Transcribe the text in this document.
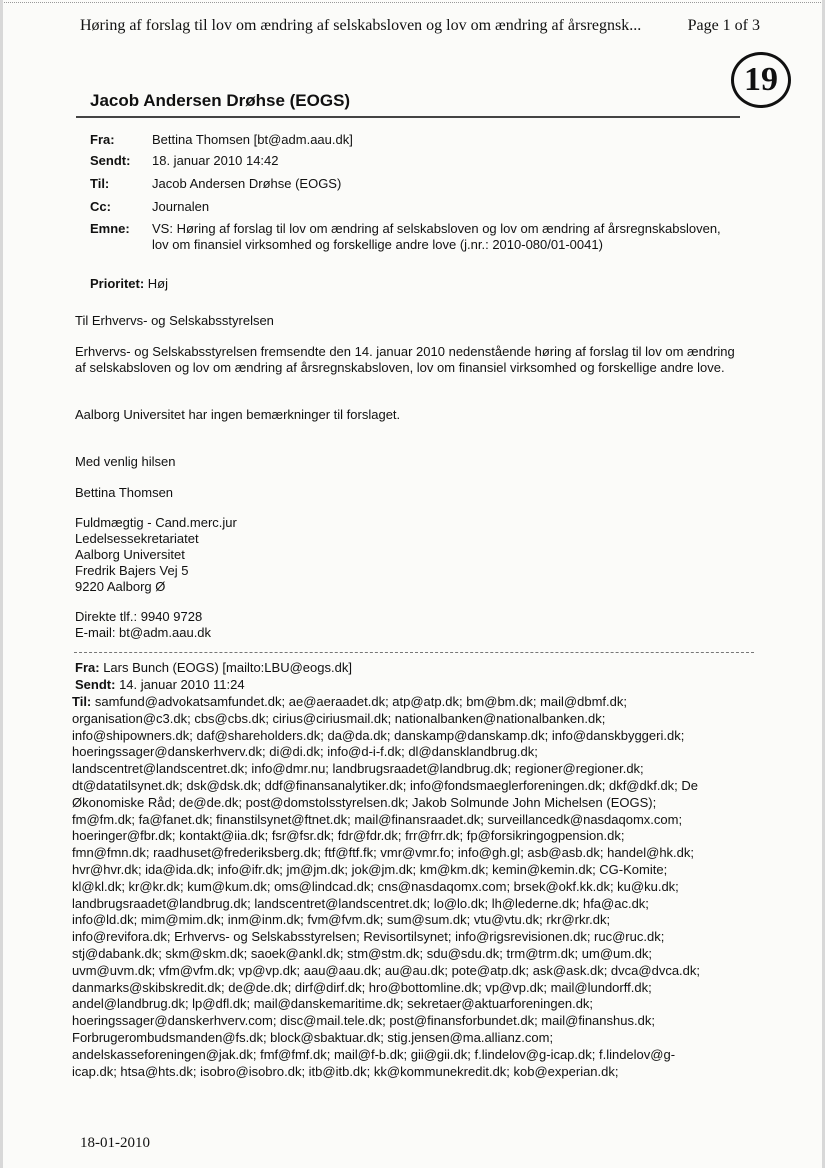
Høring af forslag til lov om ændring af selskabsloven og lov om ændring af årsregnsk...	Page 1 of 3
19
Jacob Andersen Drøhse (EOGS)
Fra:	Bettina Thomsen [bt@adm.aau.dk]
Sendt:	18. januar 2010 14:42
Til:	Jacob Andersen Drøhse (EOGS)
Cc:	Journalen
Emne:	VS: Høring af forslag til lov om ændring af selskabsloven og lov om ændring af årsregnskabsloven, lov om finansiel virksomhed og forskellige andre love (j.nr.: 2010-080/01-0041)
Prioritet: Høj
Til Erhvervs- og Selskabsstyrelsen
Erhvervs- og Selskabsstyrelsen fremsendte den 14. januar 2010 nedenstående høring af forslag til lov om ændring af selskabsloven og lov om ændring af årsregnskabsloven, lov om finansiel virksomhed og forskellige andre love.
Aalborg Universitet har ingen bemærkninger til forslaget.
Med venlig hilsen
Bettina Thomsen
Fuldmægtig - Cand.merc.jur
Ledelsessekretariatet
Aalborg Universitet
Fredrik Bajers Vej 5
9220 Aalborg Ø
Direkte tlf.: 9940 9728
E-mail: bt@adm.aau.dk
Fra: Lars Bunch (EOGS) [mailto:LBU@eogs.dk]
Sendt: 14. januar 2010 11:24
Til: samfund@advokatsamfundet.dk; ae@aeraadet.dk; atp@atp.dk; bm@bm.dk; mail@dbmf.dk;
organisation@c3.dk; cbs@cbs.dk; cirius@ciriusmail.dk; nationalbanken@nationalbanken.dk;
info@shipowners.dk; daf@shareholders.dk; da@da.dk; danskamp@danskamp.dk; info@danskbyggeri.dk;
hoeringssager@danskerhverv.dk; di@di.dk; info@d-i-f.dk; dl@dansklandbrug.dk;
landscentret@landscentret.dk; info@dmr.nu; landbrugsraadet@landbrug.dk; regioner@regioner.dk;
dt@datatilsynet.dk; dsk@dsk.dk; ddf@finansanalytiker.dk; info@fondsmaeglerforeningen.dk; dkf@dkf.dk; De
Økonomiske Råd; de@de.dk; post@domstolsstyrelsen.dk; Jakob Solmunde John Michelsen (EOGS);
fm@fm.dk; fa@fanet.dk; finanstilsynet@ftnet.dk; mail@finansraadet.dk; surveillancedk@nasdaqomx.com;
hoeringer@fbr.dk; kontakt@iia.dk; fsr@fsr.dk; fdr@fdr.dk; frr@frr.dk; fp@forsikringogpension.dk;
fmn@fmn.dk; raadhuset@frederiksberg.dk; ftf@ftf.fk; vmr@vmr.fo; info@gh.gl; asb@asb.dk; handel@hk.dk;
hvr@hvr.dk; ida@ida.dk; info@ifr.dk; jm@jm.dk; jok@jm.dk; km@km.dk; kemin@kemin.dk; CG-Komite;
kl@kl.dk; kr@kr.dk; kum@kum.dk; oms@lindcad.dk; cns@nasdaqomx.com; brsek@okf.kk.dk; ku@ku.dk;
landbrugsraadet@landbrug.dk; landscentret@landscentret.dk; lo@lo.dk; lh@lederne.dk; hfa@ac.dk;
info@ld.dk; mim@mim.dk; inm@inm.dk; fvm@fvm.dk; sum@sum.dk; vtu@vtu.dk; rkr@rkr.dk;
info@revifora.dk; Erhvervs- og Selskabsstyrelsen; Revisortilsynet; info@rigsrevisionen.dk; ruc@ruc.dk;
stj@dabank.dk; skm@skm.dk; saoek@ankl.dk; stm@stm.dk; sdu@sdu.dk; trm@trm.dk; um@um.dk;
uvm@uvm.dk; vfm@vfm.dk; vp@vp.dk; aau@aau.dk; au@au.dk; pote@atp.dk; ask@ask.dk; dvca@dvca.dk;
danmarks@skibskredit.dk; de@de.dk; dirf@dirf.dk; hro@bottomline.dk; vp@vp.dk; mail@lundorff.dk;
andel@landbrug.dk; lp@dfl.dk; mail@danskemaritime.dk; sekretaer@aktuarforeningen.dk;
hoeringssager@danskerhverv.com; disc@mail.tele.dk; post@finansforbundet.dk; mail@finanshus.dk;
Forbrugerombudsmanden@fs.dk; block@sbaktuar.dk; stig.jensen@ma.allianz.com;
andelskasseforeningen@jak.dk; fmf@fmf.dk; mail@f-b.dk; gii@gii.dk; f.lindelov@g-icap.dk; f.lindelov@g-
icap.dk; htsa@hts.dk; isobro@isobro.dk; itb@itb.dk; kk@kommunekredit.dk; kob@experian.dk;
18-01-2010
